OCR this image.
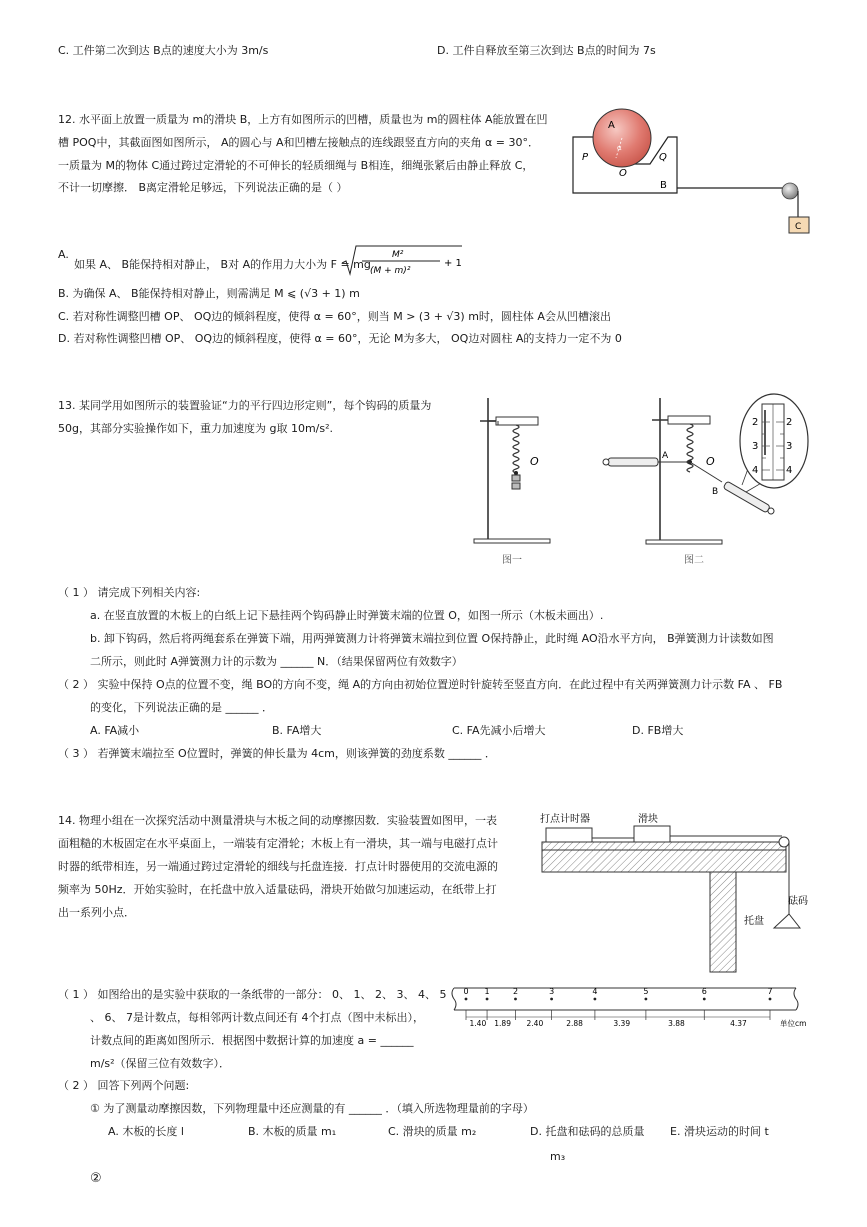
C. 工件第二次到达 B点的速度大小为 3m/s	D. 工件自释放至第三次到达 B点的时间为 7s
12. 水平面上放置一质量为 m的滑块 B，上方有如图所示的凹槽，质量也为 m的圆柱体 A能放置在凹
槽 POQ中，其截面图如图所示， A的圆心与 A和凹槽左接触点的连线跟竖直方向的夹角 α = 30°．
一质量为 M的物体 C通过跨过定滑轮的不可伸长的轻质细绳与 B相连，细绳张紧后由静止释放 C，
不计一切摩擦． B离定滑轮足够远，下列说法正确的是（ ）
A
α
P	Q
O
B
C
A.
如果 A、 B能保持相对静止， B对 A的作用力大小为 F = mg
M²
(M + m)²
+ 1
B. 为确保 A、 B能保持相对静止，则需满足 M ⩽ (√3 + 1) m
C. 若对称性调整凹槽 OP、 OQ边的倾斜程度，使得 α = 60°，则当 M > (3 + √3) m时，圆柱体 A会从凹槽滚出
D. 若对称性调整凹槽 OP、 OQ边的倾斜程度，使得 α = 60°，无论 M为多大， OQ边对圆柱 A的支持力一定不为 0
13. 某同学用如图所示的装置验证“力的平行四边形定则”，每个钩码的质量为
50g，其部分实验操作如下，重力加速度为 g取 10m/s².
O
图一
A	O
B
2
3
4
2
3
4
图二
（ 1 ） 请完成下列相关内容:
a. 在竖直放置的木板上的白纸上记下悬挂两个钩码静止时弹簧末端的位置 O，如图一所示（木板未画出）.
b. 卸下钩码，然后将两绳套系在弹簧下端，用两弹簧测力计将弹簧末端拉到位置 O保持静止，此时绳 AO沿水平方向， B弹簧测力计读数如图
二所示，则此时 A弹簧测力计的示数为 ______ N．（结果保留两位有效数字）
（ 2 ） 实验中保持 O点的位置不变，绳 BO的方向不变，绳 A的方向由初始位置逆时针旋转至竖直方向．在此过程中有关两弹簧测力计示数 FA 、 FB
的变化，下列说法正确的是 ______ ．
A. FA减小	B. FA增大	C. FA先减小后增大	D. FB增大
（ 3 ） 若弹簧末端拉至 O位置时，弹簧的伸长量为 4cm，则该弹簧的劲度系数 ______ ．
14. 物理小组在一次探究活动中测量滑块与木板之间的动摩擦因数．实验装置如图甲，一表
面粗糙的木板固定在水平桌面上，一端装有定滑轮；木板上有一滑块，其一端与电磁打点计
时器的纸带相连，另一端通过跨过定滑轮的细线与托盘连接．打点计时器使用的交流电源的
频率为 50Hz．开始实验时，在托盘中放入适量砝码，滑块开始做匀加速运动，在纸带上打
出一系列小点．
打点计时器	滑块
砝码
托盘
（ 1 ） 如图给出的是实验中获取的一条纸带的一部分： 0、 1、 2、 3、 4、 5
、 6、 7是计数点，每相邻两计数点间还有 4个打点（图中未标出），
计数点间的距离如图所示．根据图中数据计算的加速度 a = ______
m/s²（保留三位有效数字）．
0 1	2	3	4	5	6	7
1.40 1.89 2.40	2.88	3.39	3.88	4.37	单位cm
（ 2 ） 回答下列两个问题:
① 为了测量动摩擦因数，下列物理量中还应测量的有 ______ ．（填入所选物理量前的字母）
A. 木板的长度 l	B. 木板的质量 m₁	C. 滑块的质量 m₂	D. 托盘和砝码的总质量 E. 滑块运动的时间 t
m₃
②
